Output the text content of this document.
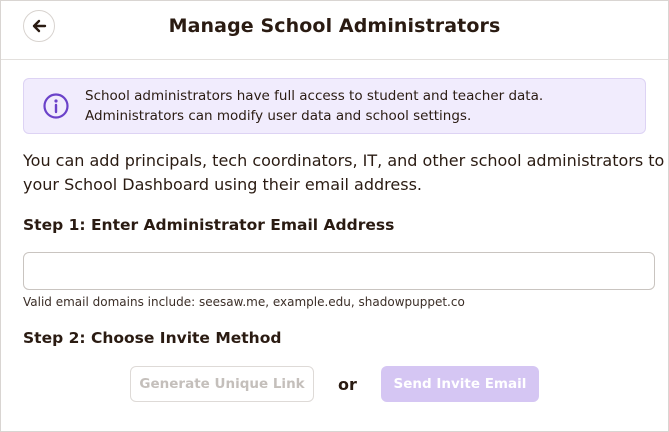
Manage School Administrators
School administrators have full access to student and teacher data.
Administrators can modify user data and school settings.
You can add principals, tech coordinators, IT, and other school administrators to
your School Dashboard using their email address.
Step 1: Enter Administrator Email Address
Valid email domains include: seesaw.me, example.edu, shadowpuppet.co
Step 2: Choose Invite Method
Generate Unique Link	or	Send Invite Email
